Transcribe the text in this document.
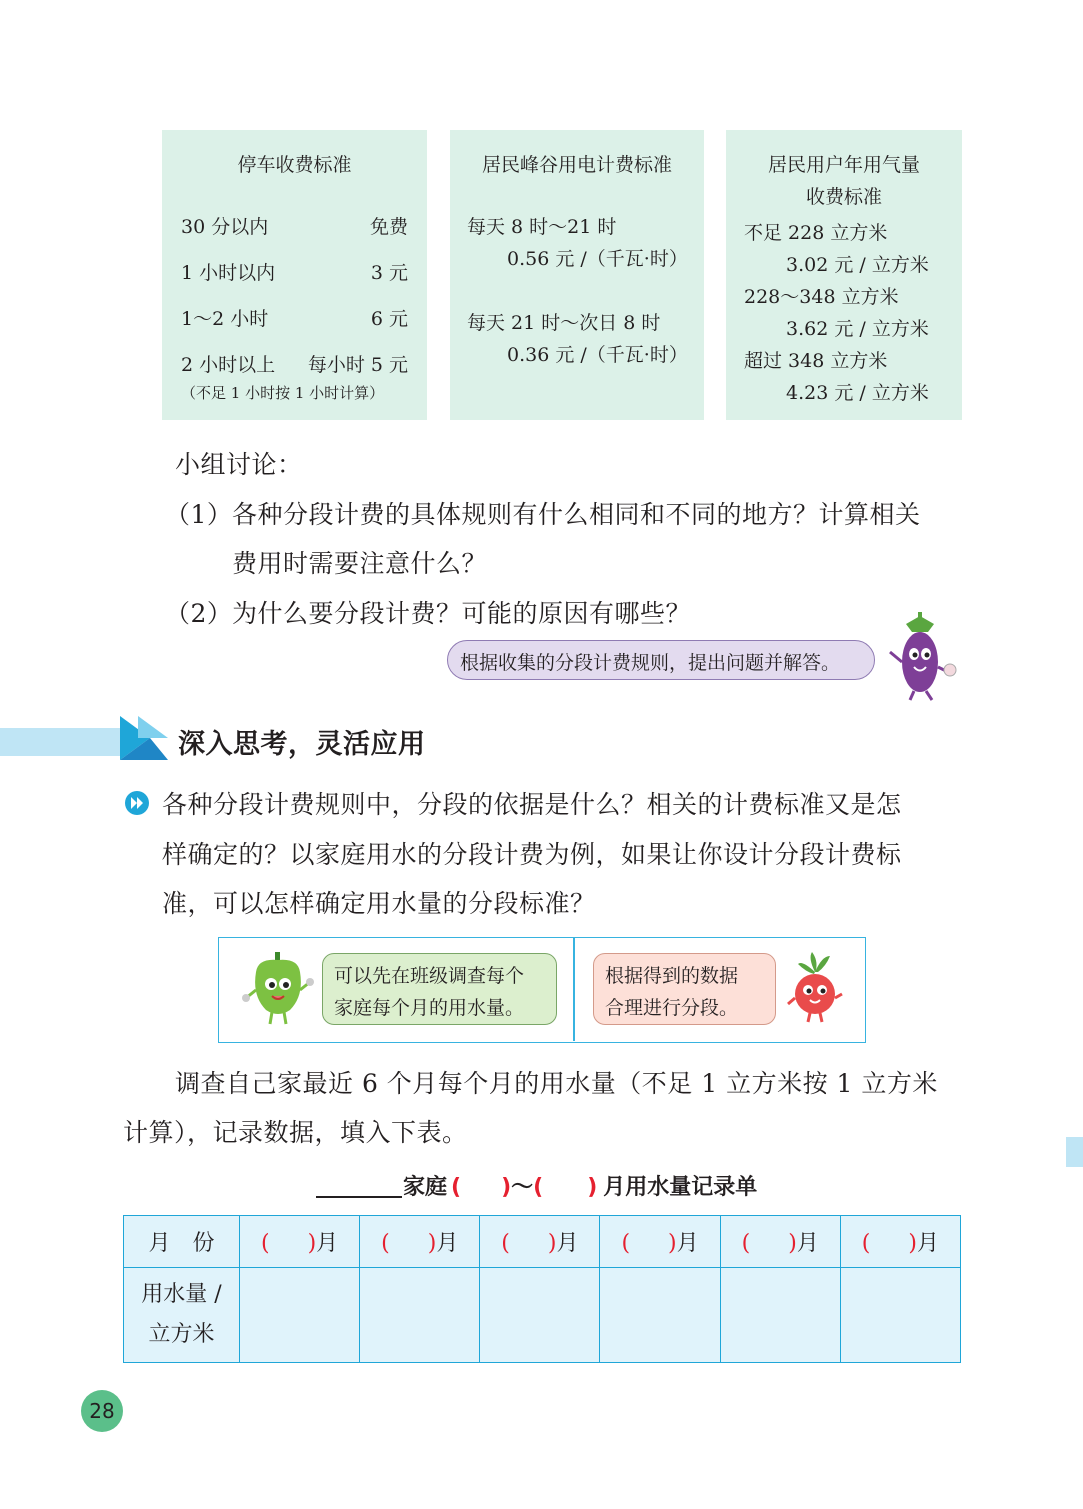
停车收费标准
30 分以内	免费
1 小时以内	3 元
1～2 小时	6 元
2 小时以上 每小时 5 元
（不足 1 小时按 1 小时计算）
居民峰谷用电计费标准
每天 8 时～21 时
0.56 元 /（千瓦·时）
每天 21 时～次日 8 时
0.36 元 /（千瓦·时）
居民用户年用气量
收费标准
不足 228 立方米
3.02 元 / 立方米
228～348 立方米
3.62 元 / 立方米
超过 348 立方米
4.23 元 / 立方米
小组讨论：
（1） 各种分段计费的具体规则有什么相同和不同的地方？计算相关
费用时需要注意什么？
（2） 为什么要分段计费？可能的原因有哪些？
根据收集的分段计费规则，提出问题并解答。
深入思考，灵活应用
各种分段计费规则中，分段的依据是什么？相关的计费标准又是怎
样确定的？以家庭用水的分段计费为例，如果让你设计分段计费标
准，可以怎样确定用水量的分段标准？
可以先在班级调查每个
家庭每个月的用水量。
根据得到的数据
合理进行分段。
调查自己家最近 6 个月每个月的用水量（不足 1 立方米按 1 立方米
计算），记录数据，填入下表。
家庭 ( )～( ) 月用水量记录单
月　份	( )月	( )月	( )月	( )月	( )月	( )月

用水量 /
立方米						

28
